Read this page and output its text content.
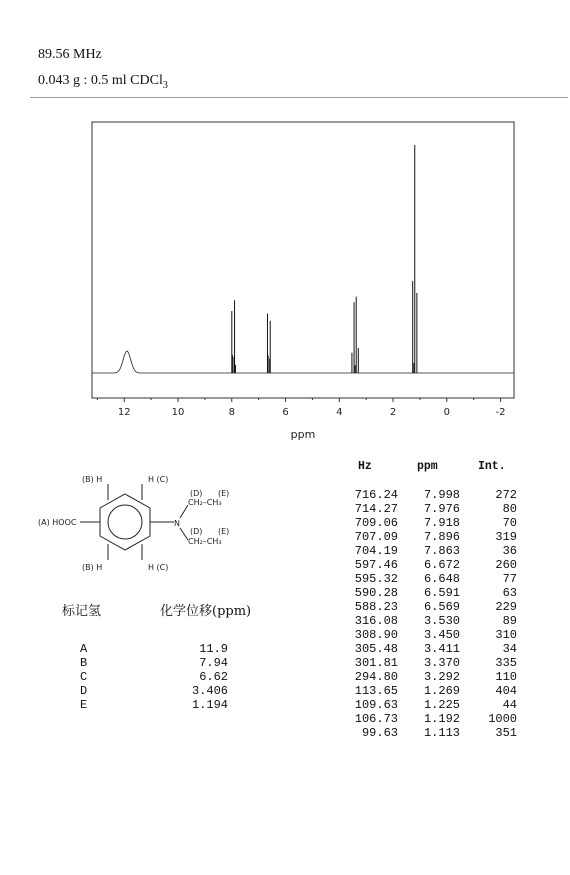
89.56 MHz
0.043 g : 0.5 ml CDCl$_3$
12	10	8	6	4	2	0	-2
ppm
(B) H	H (C)
(B) H	H (C)
(A) HOOC	N
(D) (E)
CH₂–CH₃
(D) (E)
CH₂–CH₃
标记氢	化学位移(ppm)
A	11.9
B	7.94
C	6.62
D	3.406
E	1.194
Hz	ppm	Int.
716.24	7.998	272
714.27	7.976	80
709.06	7.918	70
707.09	7.896	319
704.19	7.863	36
597.46	6.672	260
595.32	6.648	77
590.28	6.591	63
588.23	6.569	229
316.08	3.530	89
308.90	3.450	310
305.48	3.411	34
301.81	3.370	335
294.80	3.292	110
113.65	1.269	404
109.63	1.225	44
106.73	1.192	1000
99.63	1.113	351
